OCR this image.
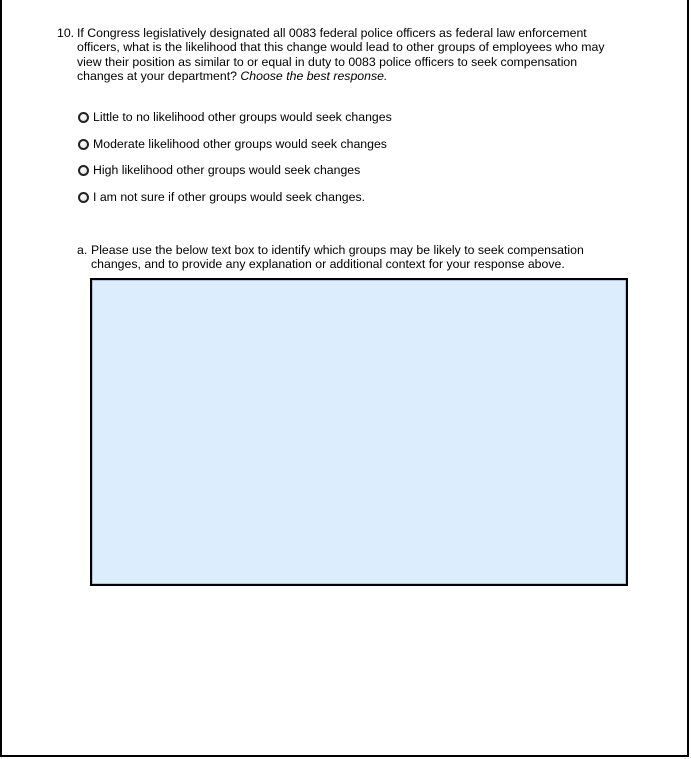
10. If Congress legislatively designated all 0083 federal police officers as federal law enforcement officers, what is the likelihood that this change would lead to other groups of employees who may view their position as similar to or equal in duty to 0083 police officers to seek compensation changes at your department? Choose the best response.
Little to no likelihood other groups would seek changes
Moderate likelihood other groups would seek changes
High likelihood other groups would seek changes
I am not sure if other groups would seek changes.
a. Please use the below text box to identify which groups may be likely to seek compensation changes, and to provide any explanation or additional context for your response above.
